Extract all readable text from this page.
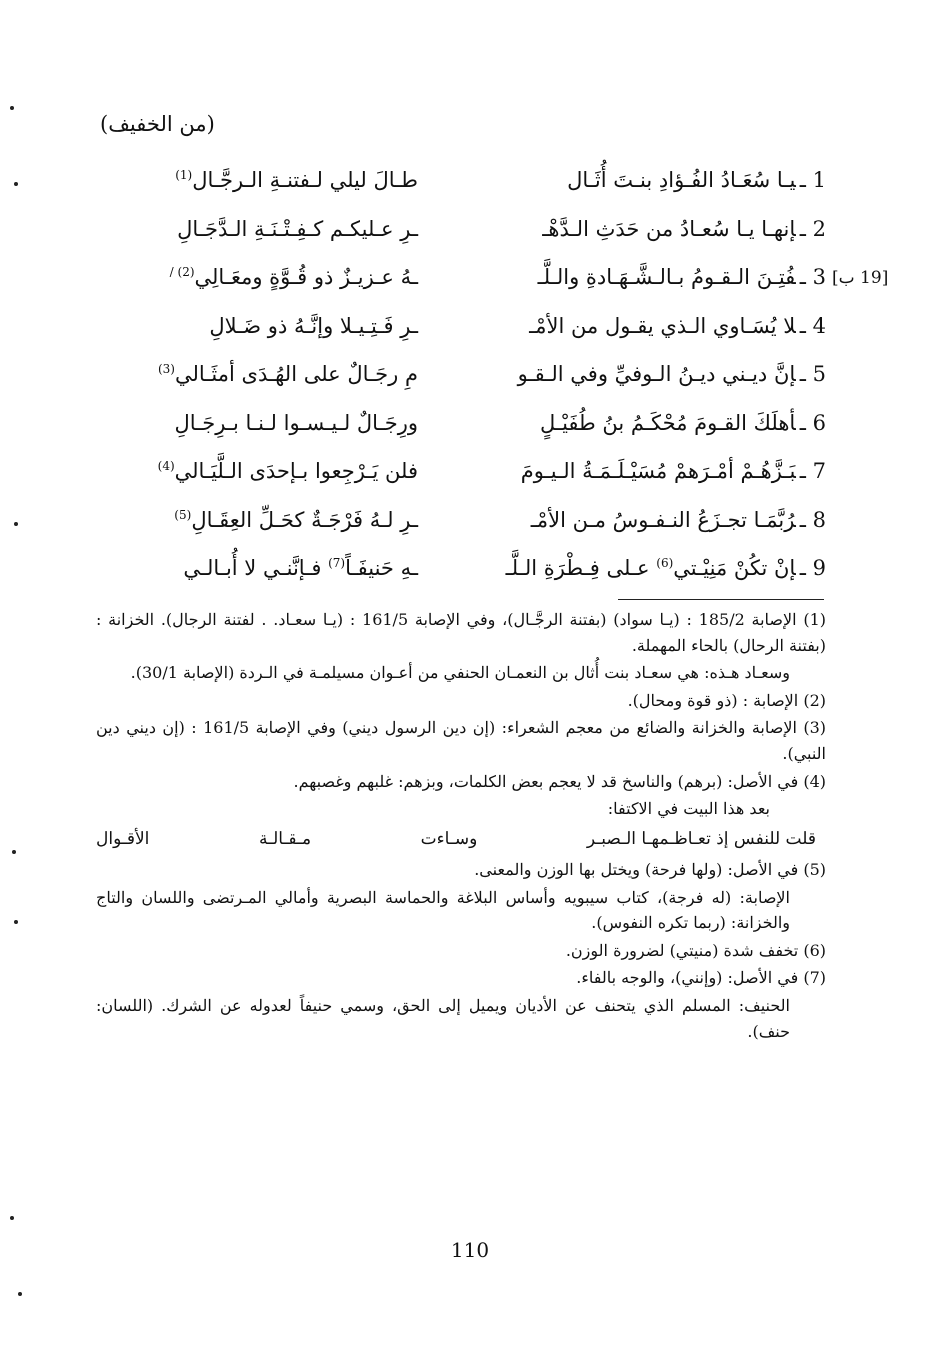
(من الخفيف)
[19 ب]
1 ـيـا سُعَـادُ الفُـؤادِ بنـتَ أُثَـال
طـالَ ليلي لـفتنـةِ الـرجَّـال$^{(1)}$
2 ـإنهـا يـا سُعـادُ من حَدَثِ الـدَّهْـ
ـرِ عـليكـم كـفِـتْـنَـةِ الـدَّجَـالِ
3 ـفُتِـنَ الـقـومُ بـالـشَّـهَـادةِ والـلَّـ
ـهُ عـزيـزٌ ذو قُـوَّةٍ ومعَـالِي$^{(2) /}$
4 ـلا يُسَـاوي الـذي يقـول من الأمْـ
ـرِ فَـتِـيـلا وإنَّـهُ ذو ضَـلالِ
5 ـإنَّ ديـني ديـنُ الـوفيِّ وفي الـقـو
مِ رجَـالٌ على الهُـدَى أمثَـالي$^{(3)}$
6 ـأهلَكَ القـومَ مُحْكَـمُ بنُ طُفَيْـلٍ
ورِجَـالٌ لـيـسـوا لـنـا بـرِجَـالِ
7 ـبَـزَّهُـمْ أمْـرَهمْ مُسَيْـلَـمَـةُ الـيـومَ
فلن يَـرْجِعوا بـإحدَى الـلَّيَـالي$^{(4)}$
8 ـرُبَّمَـا تجـزَعُ النـفـوسُ مـن الأمْـ
ـرِ لـهُ فَرْجَـةٌ كحَـلِّ العِقَـالِ$^{(5)}$
9 ـإنْ تكُنْ مَنِيْـتي$^{(6)}$ عـلى فِـطْرَةِ الـلَّـ
ـهِ حَنيفَـاً$^{(7)}$ فـإنَّنـي لا أُبـالـي

(1) الإصابة 185/2 : (يـا سواد) (بفتنة الرجَّـال)، وفي الإصابة 161/5 : (يـا سعـاد. . لفتنة الرجال). الخزانة : (بفتنة الرحال) بالحاء المهملة.

وسعـاد هـذه: هي سعـاد بنت أُثال بن النعمـان الحنفي من أعـوان مسيلمـة في الـردة (الإصابة 30/1).

(2) الإصابة : (ذو قوة ومحال).

(3) الإصابة والخزانة والضائع من معجم الشعراء: (إن دين الرسول ديني) وفي الإصابة 161/5 : (إن ديني دين النبي).

(4) في الأصل: (برهم) والناسخ قد لا يعجم بعض الكلمات، وبزهم: غلبهم وغصبهم.

بعد هذا البيت في الاكتفا:

قلت للنفس إذ تعـاظـمهـا الـصبـر
وسـاءت
مـقـالـة
الأقـوال

(5) في الأصل: (ولها فرحة) ويختل بها الوزن والمعنى.

الإصابة: (له فرجة)، كتاب سيبويه وأساس البلاغة والحماسة البصرية وأمالي المـرتضى واللسان والتاج والخزانة: (ربما تكره النفوس).

(6) تخفف شدة (منيتي) لضرورة الوزن.

(7) في الأصل: (وإنني)، والوجه بالفاء.

الحنيف: المسلم الذي يتحنف عن الأديان ويميل إلى الحق، وسمي حنيفاً لعدوله عن الشرك. (اللسان: حنف).

110
